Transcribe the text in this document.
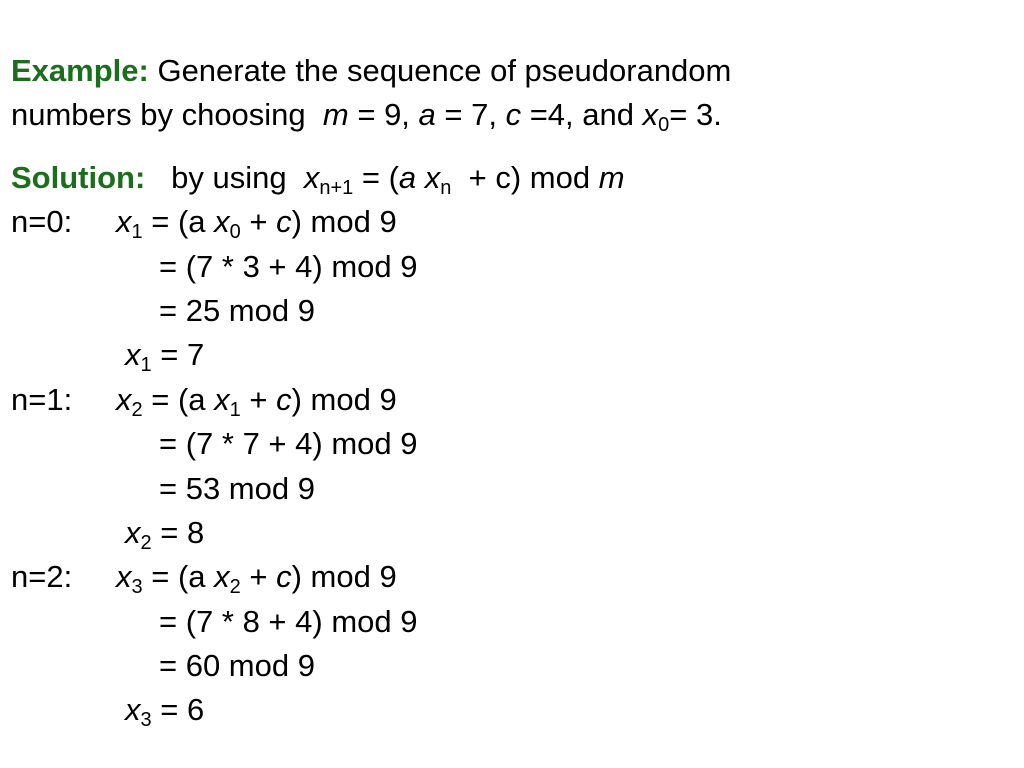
Example: Generate the sequence of pseudorandom
numbers by choosing  m = 9, a = 7, c =4, and $x_0= 3$.
Solution:   by using  $x_{n+1} = (a$ $x_n + c$) mod m
n=0: $x_1 = (a$ $x_0 + c$) mod 9
= (7 * 3 + 4) mod 9
= 25 mod 9
$x_1 = 7$
n=1: $x_2 = (a$ $x_1 + c$) mod 9
= (7 * 7 + 4) mod 9
= 53 mod 9
$x_2 = 8$
n=2: $x_3 = (a$ $x_2 + c$) mod 9
= (7 * 8 + 4) mod 9
= 60 mod 9
$x_3 = 6$
